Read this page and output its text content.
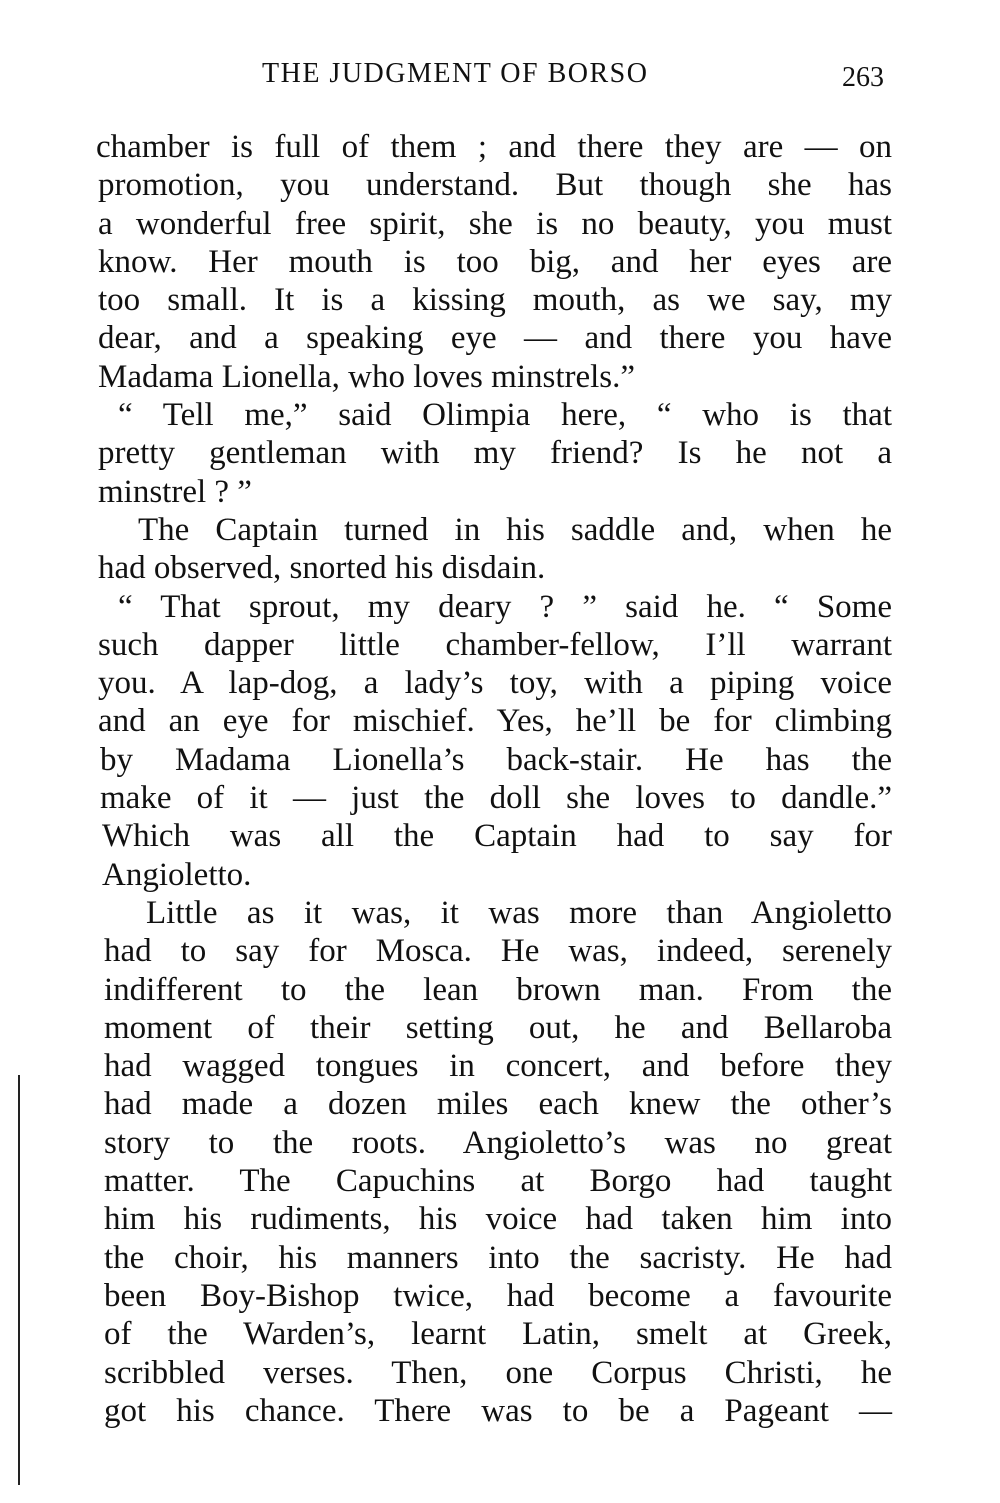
THE JUDGMENT OF BORSO	263
chamber is full of them ; and there they are — on
promotion, you understand. But though she has
a wonderful free spirit, she is no beauty, you must
know. Her mouth is too big, and her eyes are
too small. It is a kissing mouth, as we say, my
dear, and a speaking eye — and there you have
Madama Lionella, who loves minstrels.”
“ Tell me,” said Olimpia here, “ who is that
pretty gentleman with my friend? Is he not a
minstrel ? ”
The Captain turned in his saddle and, when he
had observed, snorted his disdain.
“ That sprout, my deary ? ” said he. “ Some
such dapper little chamber-fellow, I’ll warrant
you. A lap-dog, a lady’s toy, with a piping voice
and an eye for mischief. Yes, he’ll be for climbing
by Madama Lionella’s back-stair. He has the
make of it — just the doll she loves to dandle.”
Which was all the Captain had to say for
Angioletto.
Little as it was, it was more than Angioletto
had to say for Mosca. He was, indeed, serenely
indifferent to the lean brown man. From the
moment of their setting out, he and Bellaroba
had wagged tongues in concert, and before they
had made a dozen miles each knew the other’s
story to the roots. Angioletto’s was no great
matter. The Capuchins at Borgo had taught
him his rudiments, his voice had taken him into
the choir, his manners into the sacristy. He had
been Boy-Bishop twice, had become a favourite
of the Warden’s, learnt Latin, smelt at Greek,
scribbled verses. Then, one Corpus Christi, he
got his chance. There was to be a Pageant —
